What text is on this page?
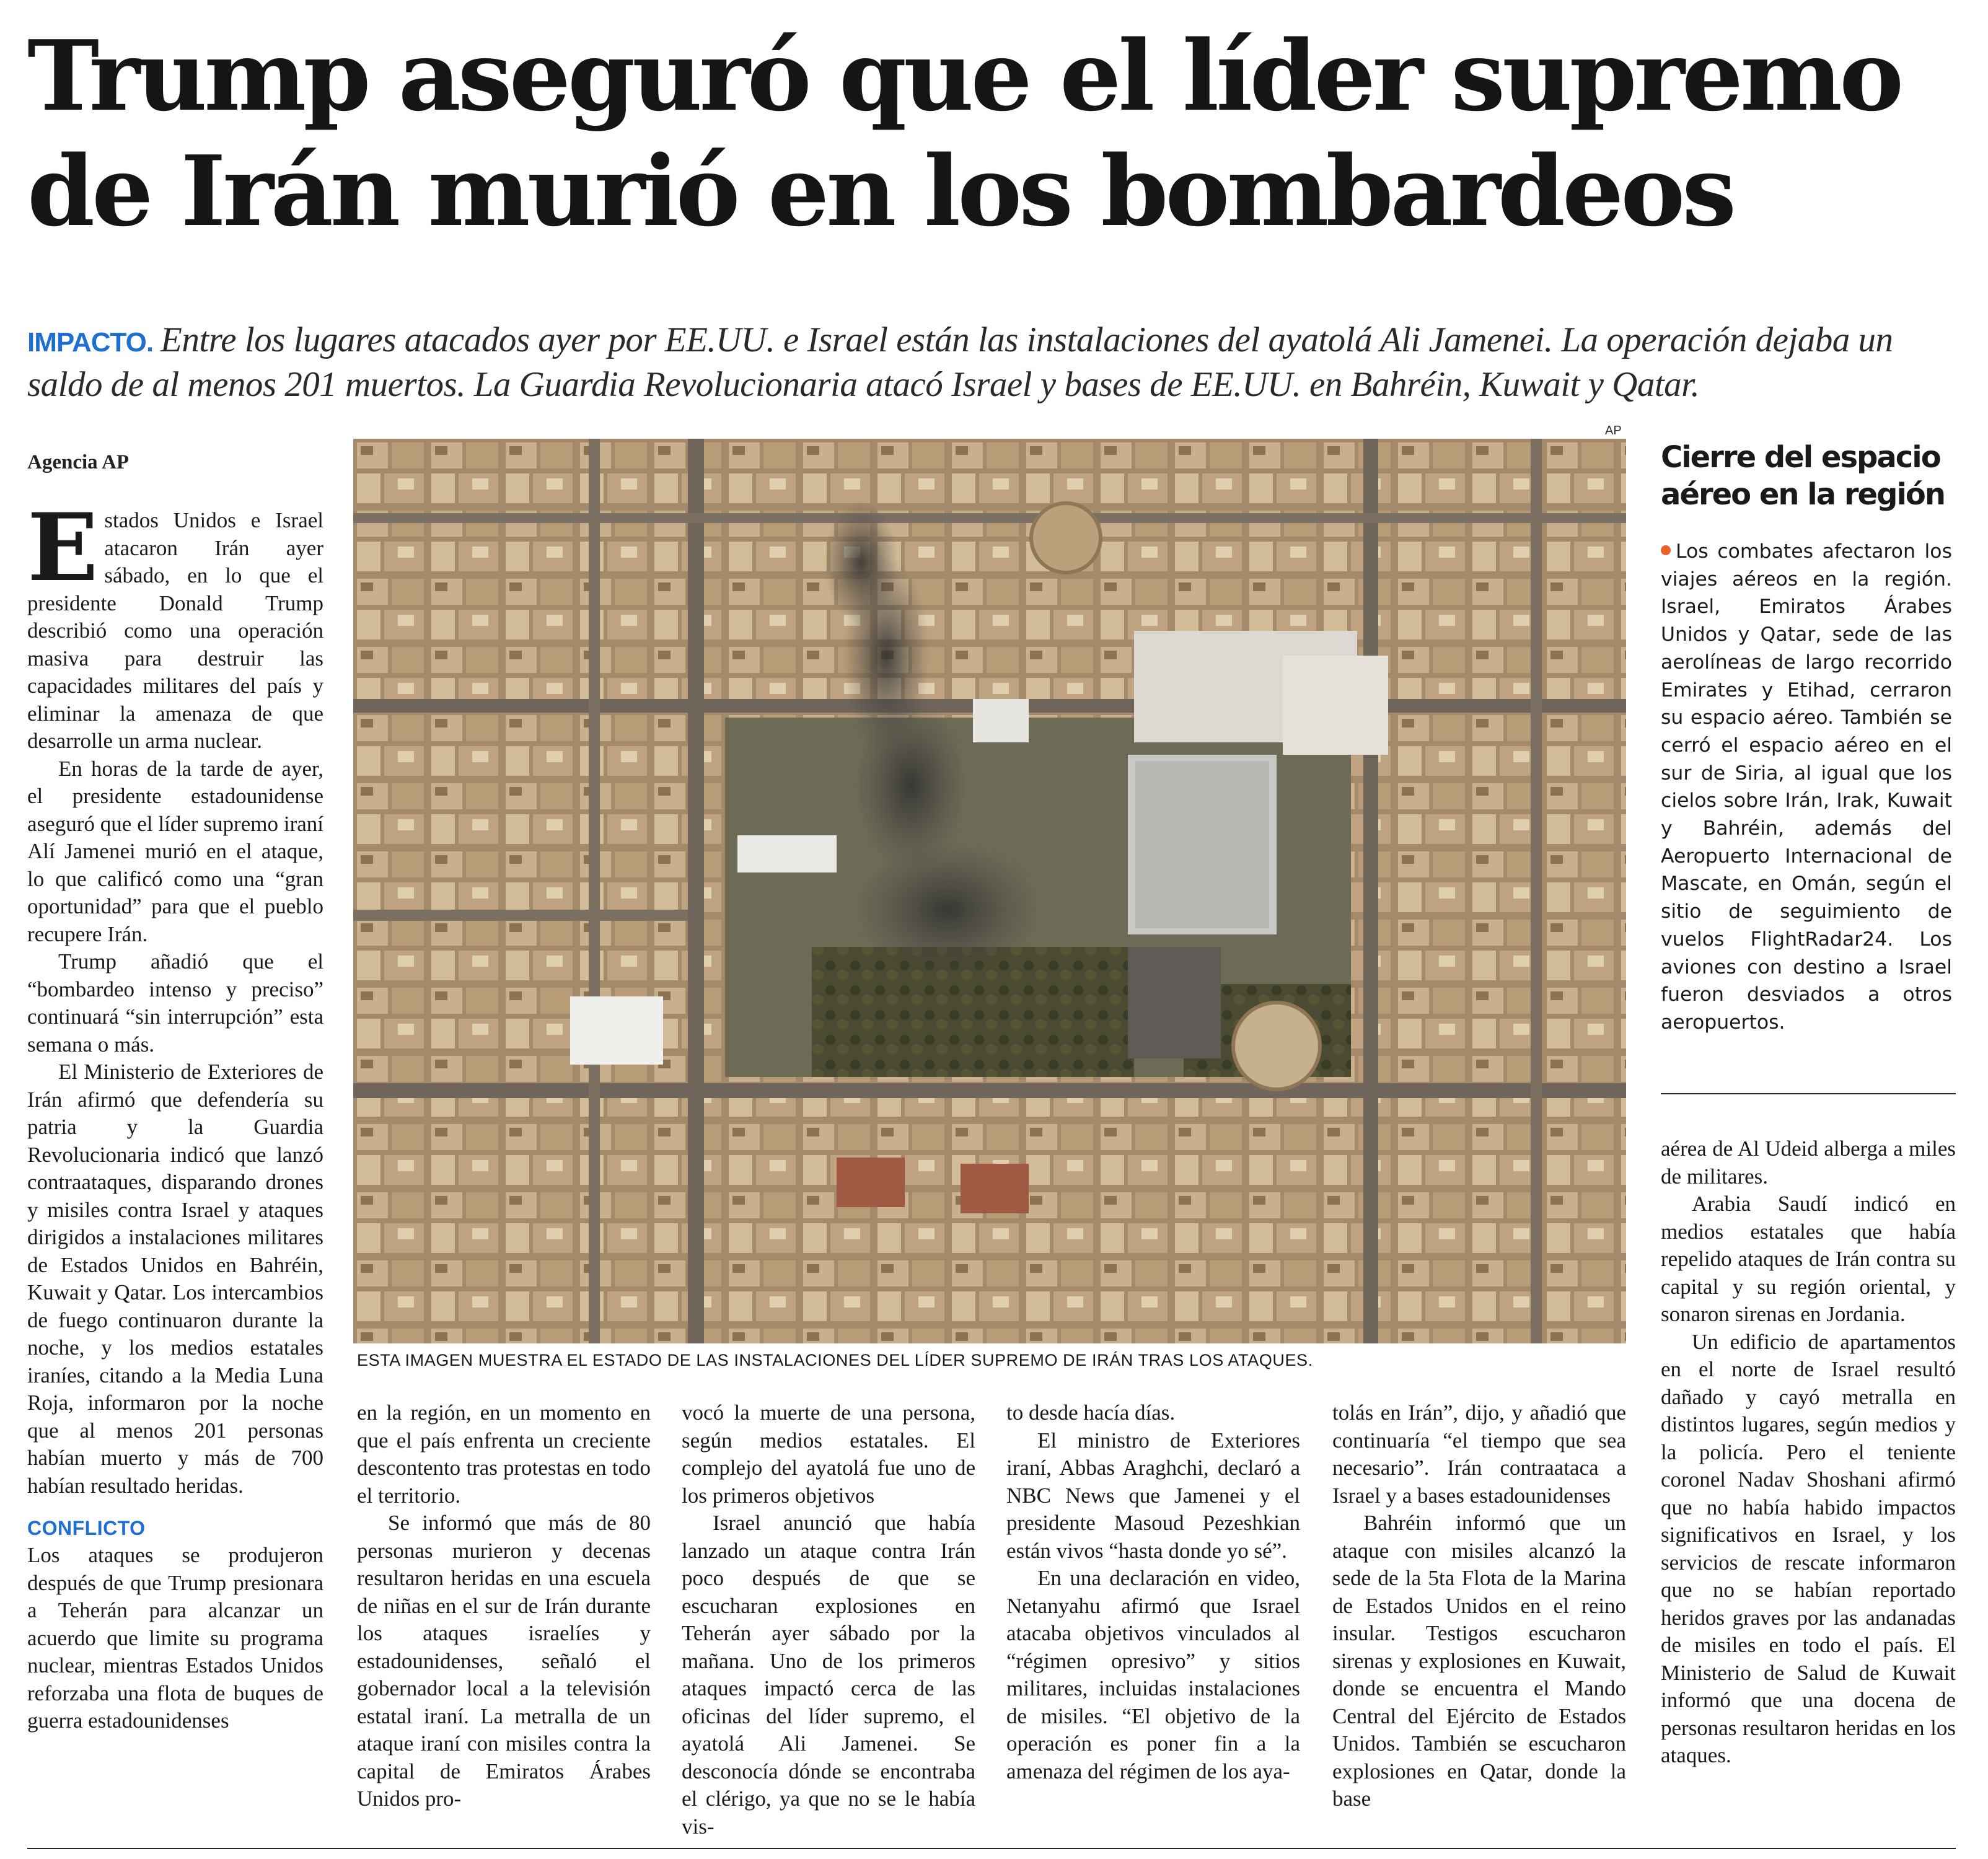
Trump aseguró que el líder supremo
de Irán murió en los bombardeos
IMPACTO. Entre los lugares atacados ayer por EE.UU. e Israel están las instalaciones del ayatolá Ali Jamenei. La operación dejaba un saldo de al menos 201 muertos. La Guardia Revolucionaria atacó Israel y bases de EE.UU. en Bahréin, Kuwait y Qatar.
AP
ESTA IMAGEN MUESTRA EL ESTADO DE LAS INSTALACIONES DEL LÍDER SUPREMO DE IRÁN TRAS LOS ATAQUES.
Agencia AP

Estados Unidos e Israel atacaron Irán ayer sábado, en lo que el presidente Donald Trump describió como una operación masiva para destruir las capacidades militares del país y eliminar la amenaza de que desarrolle un arma nuclear.

En horas de la tarde de ayer, el presidente estadounidense aseguró que el líder supremo iraní Alí Jamenei murió en el ataque, lo que calificó como una “gran oportunidad” para que el pueblo recupere Irán.

Trump añadió que el “bombardeo intenso y preciso” continuará “sin interrupción” esta semana o más.

El Ministerio de Exteriores de Irán afirmó que defendería su patria y la Guardia Revolucionaria indicó que lanzó contraataques, disparando drones y misiles contra Israel y ataques dirigidos a instalaciones militares de Estados Unidos en Bahréin, Kuwait y Qatar. Los intercambios de fuego continuaron durante la noche, y los medios estatales iraníes, citando a la Media Luna Roja, informaron por la noche que al menos 201 personas habían muerto y más de 700 habían resultado heridas.

CONFLICTO

Los ataques se produjeron después de que Trump presionara a Teherán para alcanzar un acuerdo que limite su programa nuclear, mientras Estados Unidos reforzaba una flota de buques de guerra estadounidenses

en la región, en un momento en que el país enfrenta un creciente descontento tras protestas en todo el territorio.

Se informó que más de 80 personas murieron y decenas resultaron heridas en una escuela de niñas en el sur de Irán durante los ataques israelíes y estadounidenses, señaló el gobernador local a la televisión estatal iraní. La metralla de un ataque iraní con misiles contra la capital de Emiratos Árabes Unidos pro-

vocó la muerte de una persona, según medios estatales. El complejo del ayatolá fue uno de los primeros objetivos

Israel anunció que había lanzado un ataque contra Irán poco después de que se escucharan explosiones en Teherán ayer sábado por la mañana. Uno de los primeros ataques impactó cerca de las oficinas del líder supremo, el ayatolá Ali Jamenei. Se desconocía dónde se encontraba el clérigo, ya que no se le había vis-

to desde hacía días.

El ministro de Exteriores iraní, Abbas Araghchi, declaró a NBC News que Jamenei y el presidente Masoud Pezeshkian están vivos “hasta donde yo sé”.

En una declaración en video, Netanyahu afirmó que Israel atacaba objetivos vinculados al “régimen opresivo” y sitios militares, incluidas instalaciones de misiles. “El objetivo de la operación es poner fin a la amenaza del régimen de los aya-

tolás en Irán”, dijo, y añadió que continuaría “el tiempo que sea necesario”. Irán contraataca a Israel y a bases estadounidenses

Bahréin informó que un ataque con misiles alcanzó la sede de la 5ta Flota de la Marina de Estados Unidos en el reino insular. Testigos escucharon sirenas y explosiones en Kuwait, donde se encuentra el Mando Central del Ejército de Estados Unidos. También se escucharon explosiones en Qatar, donde la base

Cierre del espacio aéreo en la región
Los combates afectaron los viajes aéreos en la región. Israel, Emiratos Árabes Unidos y Qatar, sede de las aerolíneas de largo recorrido Emirates y Etihad, cerraron su espacio aéreo. También se cerró el espacio aéreo en el sur de Siria, al igual que los cielos sobre Irán, Irak, Kuwait y Bahréin, además del Aeropuerto Internacional de Mascate, en Omán, según el sitio de seguimiento de vuelos FlightRadar24. Los aviones con destino a Israel fueron desviados a otros aeropuertos.

aérea de Al Udeid alberga a miles de militares.

Arabia Saudí indicó en medios estatales que había repelido ataques de Irán contra su capital y su región oriental, y sonaron sirenas en Jordania.

Un edificio de apartamentos en el norte de Israel resultó dañado y cayó metralla en distintos lugares, según medios y la policía. Pero el teniente coronel Nadav Shoshani afirmó que no había habido impactos significativos en Israel, y los servicios de rescate informaron que no se habían reportado heridos graves por las andanadas de misiles en todo el país. El Ministerio de Salud de Kuwait informó que una docena de personas resultaron heridas en los ataques.
